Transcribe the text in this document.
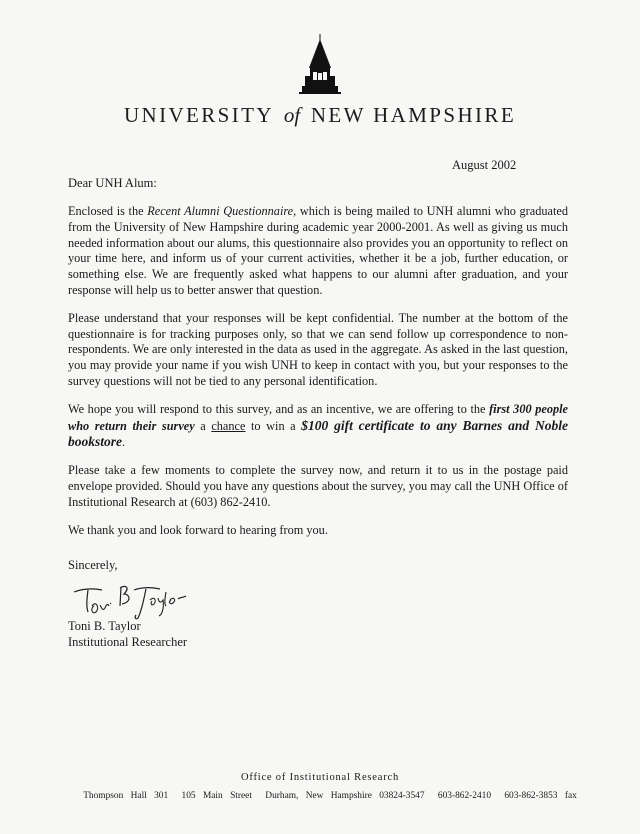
UNIVERSITY of NEW HAMPSHIRE
August 2002
Dear UNH Alum:

Enclosed is the Recent Alumni Questionnaire, which is being mailed to UNH alumni who graduated from the University of New Hampshire during academic year 2000-2001. As well as giving us much needed information about our alums, this questionnaire also provides you an opportunity to reflect on your time here, and inform us of your current activities, whether it be a job, further education, or something else. We are frequently asked what happens to our alumni after graduation, and your response will help us to better answer that question.

Please understand that your responses will be kept confidential. The number at the bottom of the questionnaire is for tracking purposes only, so that we can send follow up correspondence to non-respondents. We are only interested in the data as used in the aggregate. As asked in the last question, you may provide your name if you wish UNH to keep in contact with you, but your responses to the survey questions will not be tied to any personal identification.

We hope you will respond to this survey, and as an incentive, we are offering to the first 300 people who return their survey a chance to win a $100 gift certificate to any Barnes and Noble bookstore.

Please take a few moments to complete the survey now, and return it to us in the postage paid envelope provided. Should you have any questions about the survey, you may call the UNH Office of Institutional Research at (603) 862-2410.

We thank you and look forward to hearing from you.

Sincerely,
Toni B. Taylor
Institutional Researcher
Office of Institutional Research
Thompson Hall 301 105 Main Street Durham, New Hampshire 03824-3547 603-862-2410 603-862-3853 fax
